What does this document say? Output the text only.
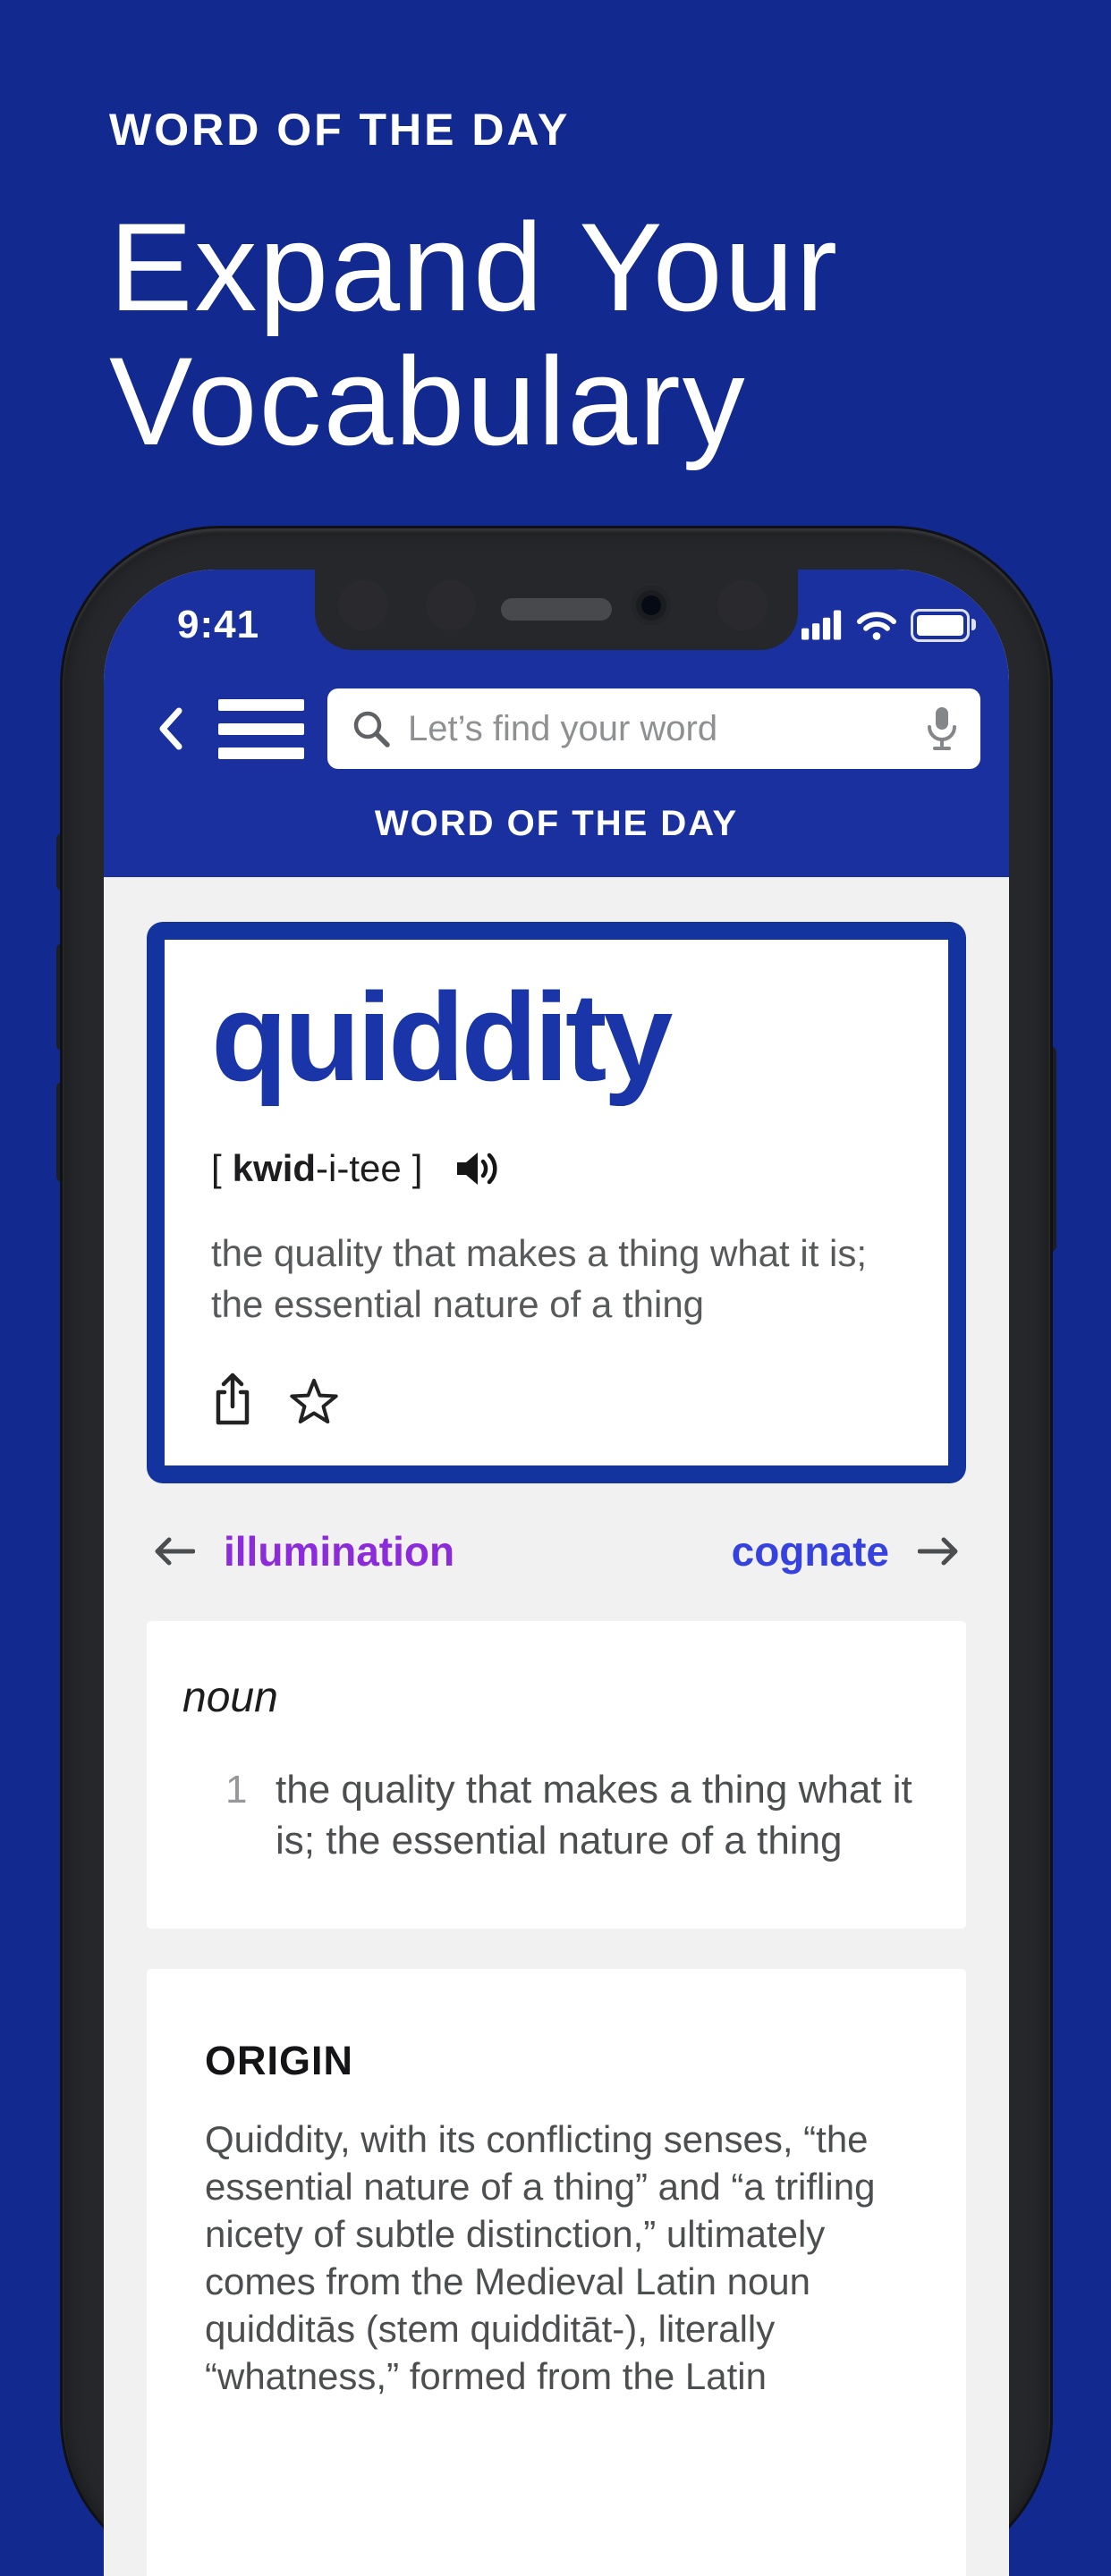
WORD OF THE DAY
Expand Your
Vocabulary
9:41
Let’s find your word
WORD OF THE DAY
quiddity
[ kwid -i-tee ]
the quality that makes a thing what it is;
the essential nature of a thing
illumination	cognate
noun
1 the quality that makes a thing what it
is; the essential nature of a thing
ORIGIN
Quiddity, with its conflicting senses, “the
essential nature of a thing” and “a trifling
nicety of subtle distinction,” ultimately
comes from the Medieval Latin noun
quidditās (stem quidditāt-), literally
“whatness,” formed from the Latin
